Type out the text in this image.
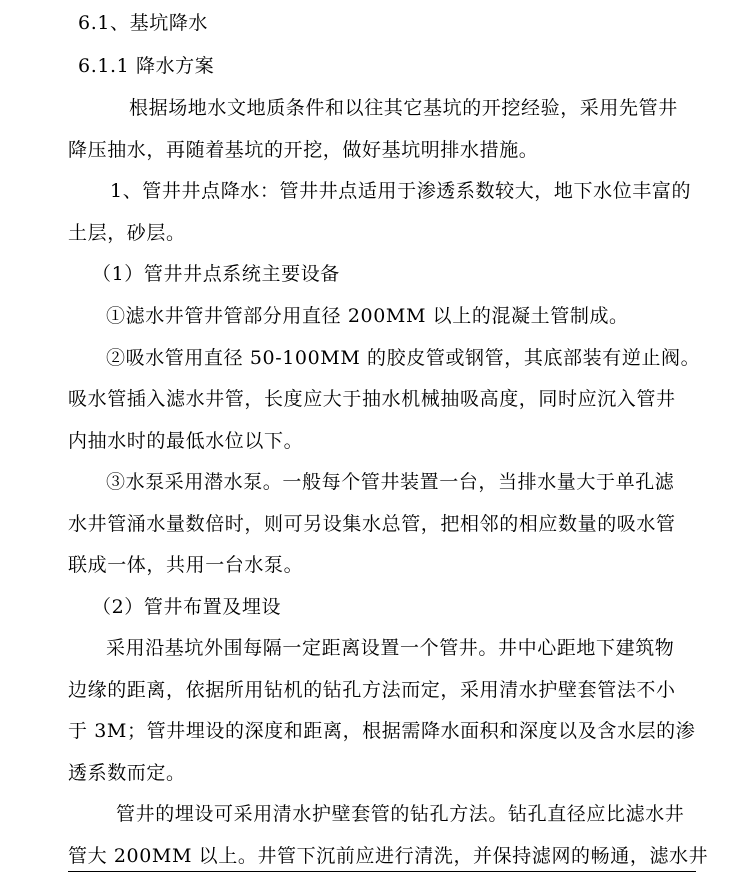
6.1、基坑降水
6.1.1 降水方案
根据场地水文地质条件和以往其它基坑的开挖经验，采用先管井
降压抽水，再随着基坑的开挖，做好基坑明排水措施。
1、管井井点降水：管井井点适用于渗透系数较大，地下水位丰富的
土层，砂层。
（1）管井井点系统主要设备
①滤水井管井管部分用直径 200MM 以上的混凝土管制成。
②吸水管用直径 50-100MM 的胶皮管或钢管，其底部装有逆止阀。
吸水管插入滤水井管，长度应大于抽水机械抽吸高度，同时应沉入管井
内抽水时的最低水位以下。
③水泵采用潜水泵。一般每个管井装置一台，当排水量大于单孔滤
水井管涌水量数倍时，则可另设集水总管，把相邻的相应数量的吸水管
联成一体，共用一台水泵。
（2）管井布置及埋设
采用沿基坑外围每隔一定距离设置一个管井。井中心距地下建筑物
边缘的距离，依据所用钻机的钻孔方法而定，采用清水护壁套管法不小
于 3M；管井埋设的深度和距离，根据需降水面积和深度以及含水层的渗
透系数而定。
管井的埋设可采用清水护壁套管的钻孔方法。钻孔直径应比滤水井
管大 200MM 以上。井管下沉前应进行清洗，并保持滤网的畅通，滤水井
